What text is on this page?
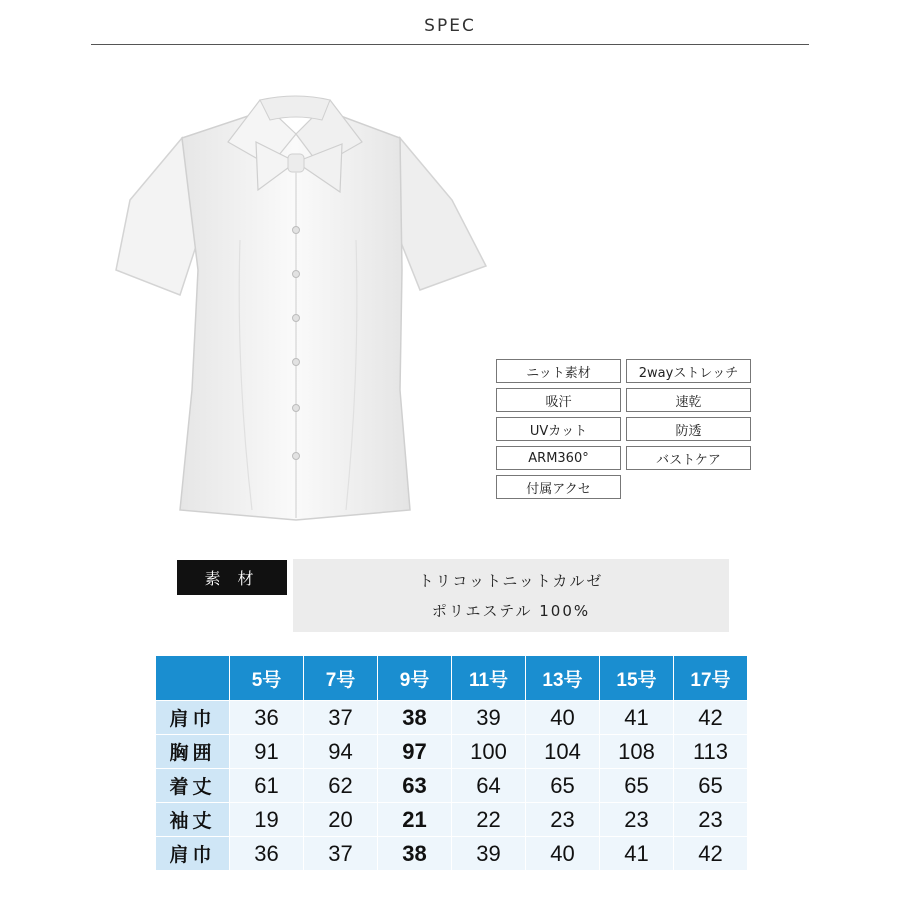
SPEC
ニット素材	2wayストレッチ
吸汗	速乾
UVカット	防透
ARM360°	バストケア
付属アクセ
素 材	トリコットニットカルゼ
ポリエステル 100%
	5号	7号	9号	11号	13号	15号	17号
肩巾	36	37	38	39	40	41	42
胸囲	91	94	97	100	104	108	113
着丈	61	62	63	64	65	65	65
袖丈	19	20	21	22	23	23	23
肩巾	36	37	38	39	40	41	42
